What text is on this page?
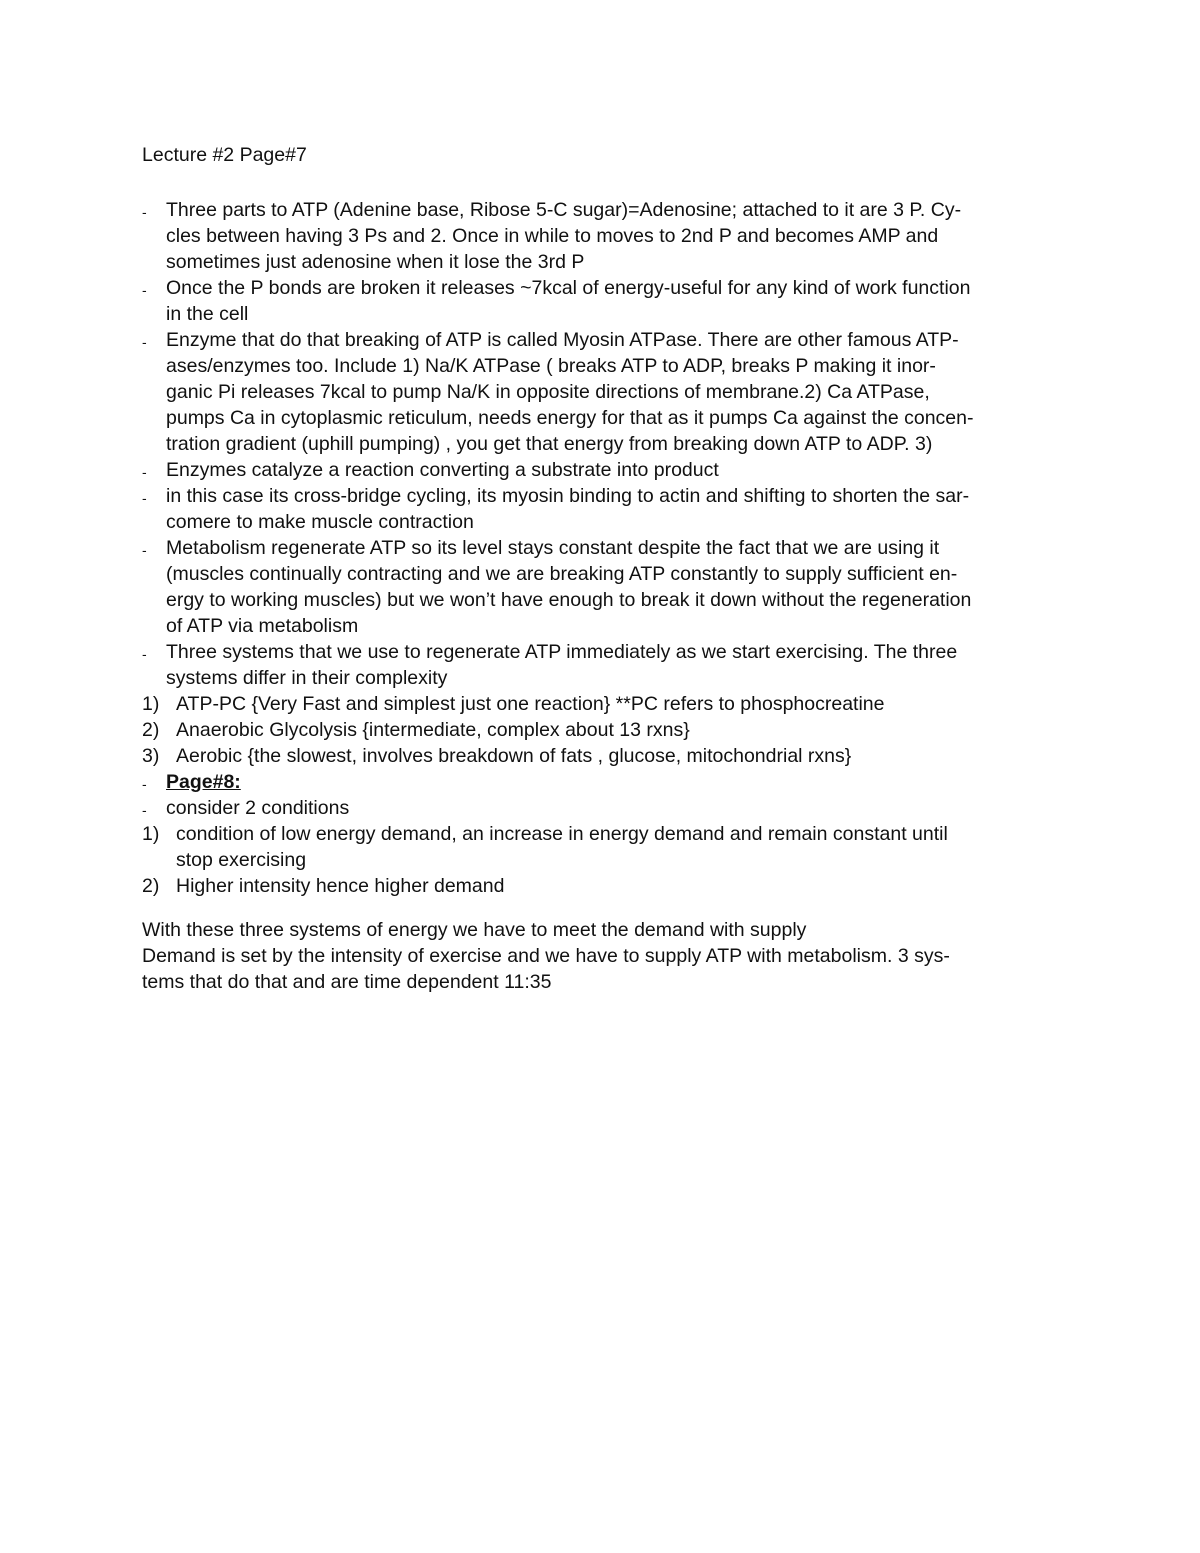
Lecture #2 Page#7
- Three parts to ATP (Adenine base, Ribose 5-C sugar)=Adenosine; attached to it are 3 P. Cy-
cles between having 3 Ps and 2. Once in while to moves to 2nd P and becomes AMP and
sometimes just adenosine when it lose the 3rd P
- Once the P bonds are broken it releases ~7kcal of energy-useful for any kind of work function
in the cell
- Enzyme that do that breaking of ATP is called Myosin ATPase. There are other famous ATP-
ases/enzymes too. Include 1) Na/K ATPase ( breaks ATP to ADP, breaks P making it inor-
ganic Pi releases 7kcal to pump Na/K in opposite directions of membrane.2) Ca ATPase,
pumps Ca in cytoplasmic reticulum, needs energy for that as it pumps Ca against the concen-
tration gradient (uphill pumping) , you get that energy from breaking down ATP to ADP. 3)
- Enzymes catalyze a reaction converting a substrate into product
- in this case its cross-bridge cycling, its myosin binding to actin and shifting to shorten the sar-
comere to make muscle contraction
- Metabolism regenerate ATP so its level stays constant despite the fact that we are using it
(muscles continually contracting and we are breaking ATP constantly to supply sufficient en-
ergy to working muscles) but we won’t have enough to break it down without the regeneration
of ATP via metabolism
- Three systems that we use to regenerate ATP immediately as we start exercising. The three
systems differ in their complexity
1) ATP-PC {Very Fast and simplest just one reaction} **PC refers to phosphocreatine
2) Anaerobic Glycolysis {intermediate, complex about 13 rxns}
3) Aerobic {the slowest, involves breakdown of fats , glucose, mitochondrial rxns}
- Page#8:
- consider 2 conditions
1) condition of low energy demand, an increase in energy demand and remain constant until
stop exercising
2) Higher intensity hence higher demand
With these three systems of energy we have to meet the demand with supply
Demand is set by the intensity of exercise and we have to supply ATP with metabolism. 3 sys-
tems that do that and are time dependent 11:35
